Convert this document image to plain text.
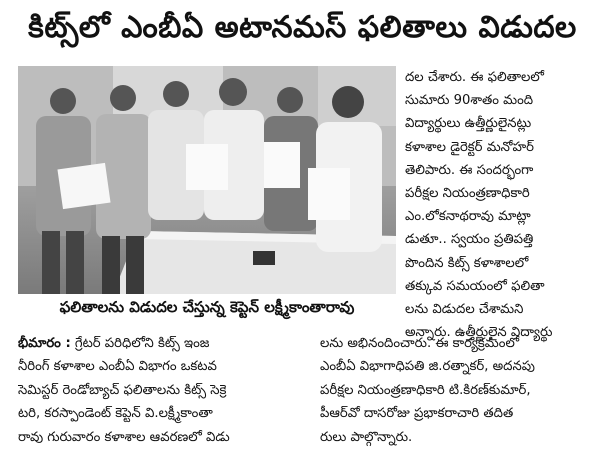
కిట్స్‌లో ఎంబీఏ అటానమస్ ఫలితాలు విడుదల
ఫలితాలను విడుదల చేస్తున్న కెప్టెన్ లక్ష్మీకాంతారావు
దల చేశారు. ఈ ఫలితాలలో
సుమారు 90శాతం మంది
విద్యార్థులు ఉత్తీర్ణులైనట్లు
కళాశాల డైరెక్టర్ మనోహర్
తెలిపారు. ఈ సందర్భంగా
పరీక్షల నియంత్రణాధికారి
ఎం.లోకనాథరావు మాట్లా
డుతూ.. స్వయం ప్రతిపత్తి
పొందిన కిట్స్ కళాశాలలో
తక్కువ సమయంలో ఫలితా
లను విడుదల చేశామని
అన్నారు. ఉత్తీర్ణులైన విద్యార్థు
భీమారం : గ్రేటర్ పరిధిలోని కిట్స్ ఇంజ
నీరింగ్ కళాశాల ఎంబీఏ విభాగం ఒకటవ
సెమిస్టర్ రెండోబ్యాచ్ ఫలితాలను కిట్స్ సెక్రె
టరి, కరస్పాండెంట్ కెప్టెన్ వి.లక్ష్మీకాంతా
రావు గురువారం కళాశాల ఆవరణలో విడు
లను అభినందించారు. ఈ కార్యక్రమంలో
ఎంబీఏ విభాగాధిపతి జి.రత్నాకర్, అదనపు
పరీక్షల నియంత్రణాధికారి టి.కిరణ్‌కుమార్,
పీఆర్‌వో దాసరోజు ప్రభాకరాచారి తదిత
రులు పాల్గొన్నారు.
